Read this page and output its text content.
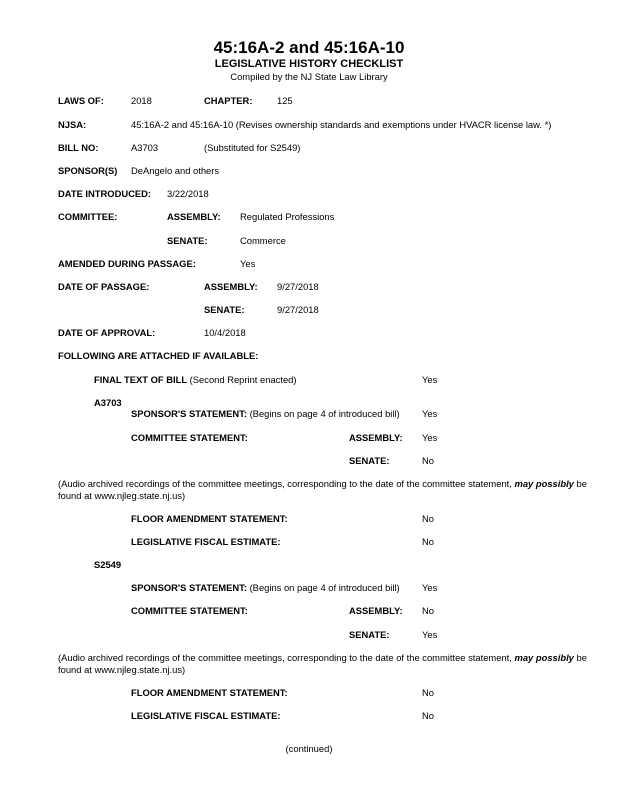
45:16A-2 and 45:16A-10
LEGISLATIVE HISTORY CHECKLIST
Compiled by the NJ State Law Library
LAWS OF:	2018	CHAPTER:	125
NJSA:	45:16A-2 and 45:16A-10 (Revises ownership standards and exemptions under HVACR license law. *)
BILL NO:	A3703	(Substituted for S2549)
SPONSOR(S) DeAngelo and others
DATE INTRODUCED: 3/22/2018
COMMITTEE:	ASSEMBLY: Regulated Professions
SENATE:	Commerce
AMENDED DURING PASSAGE:	Yes
DATE OF PASSAGE:	ASSEMBLY: 9/27/2018
SENATE:	9/27/2018
DATE OF APPROVAL:	10/4/2018
FOLLOWING ARE ATTACHED IF AVAILABLE:
FINAL TEXT OF BILL (Second Reprint enacted)	Yes
A3703
SPONSOR'S STATEMENT: (Begins on page 4 of introduced bill) Yes
COMMITTEE STATEMENT:	ASSEMBLY: Yes
SENATE:	No
(Audio archived recordings of the committee meetings, corresponding to the date of the committee statement, may possibly be found at www.njleg.state.nj.us)
FLOOR AMENDMENT STATEMENT:	No
LEGISLATIVE FISCAL ESTIMATE:	No
S2549
SPONSOR'S STATEMENT: (Begins on page 4 of introduced bill) Yes
COMMITTEE STATEMENT:	ASSEMBLY: No
SENATE:	Yes
(Audio archived recordings of the committee meetings, corresponding to the date of the committee statement, may possibly be found at www.njleg.state.nj.us)
FLOOR AMENDMENT STATEMENT:	No
LEGISLATIVE FISCAL ESTIMATE:	No
(continued)
